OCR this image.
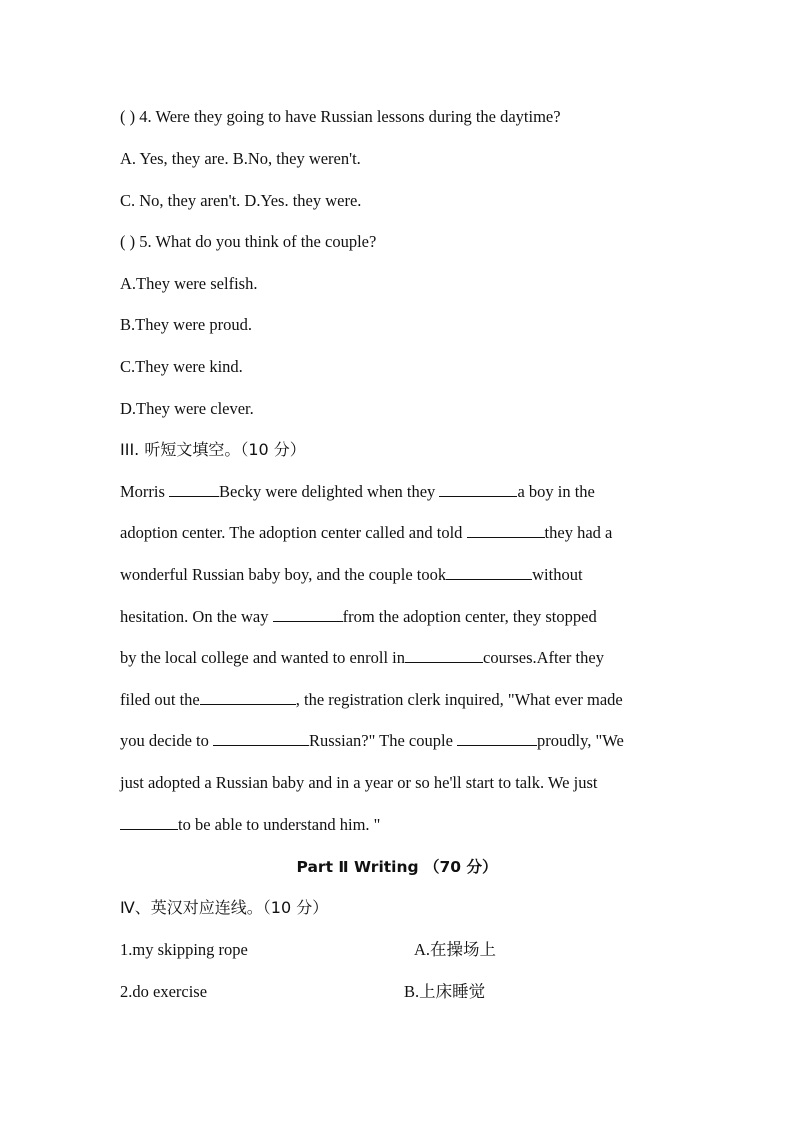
( ) 4. Were they going to have Russian lessons during the daytime?
A. Yes, they are. B.No, they weren't.
C. No, they aren't. D.Yes. they were.
( ) 5. What do you think of the couple?
A.They were selfish.
B.They were proud.
C.They were kind.
D.They were clever.
III. 听短文填空。（10 分）
Morris	Becky were delighted when they	a boy in the
adoption center. The adoption center called and told	they had a
wonderful Russian baby boy, and the couple took	without
hesitation. On the way	from the adoption center, they stopped
by the local college and wanted to enroll in	courses.After they
filed out the	, the registration clerk inquired, "What ever made
you decide to	Russian?" The couple	proudly, "We
just adopted a Russian baby and in a year or so he'll start to talk. We just
to be able to understand him. "
Part Ⅱ Writing （70 分）
Ⅳ、英汉对应连线。（10 分）
1.my skipping rope	A.在操场上
2.do exercise	B.上床睡觉
